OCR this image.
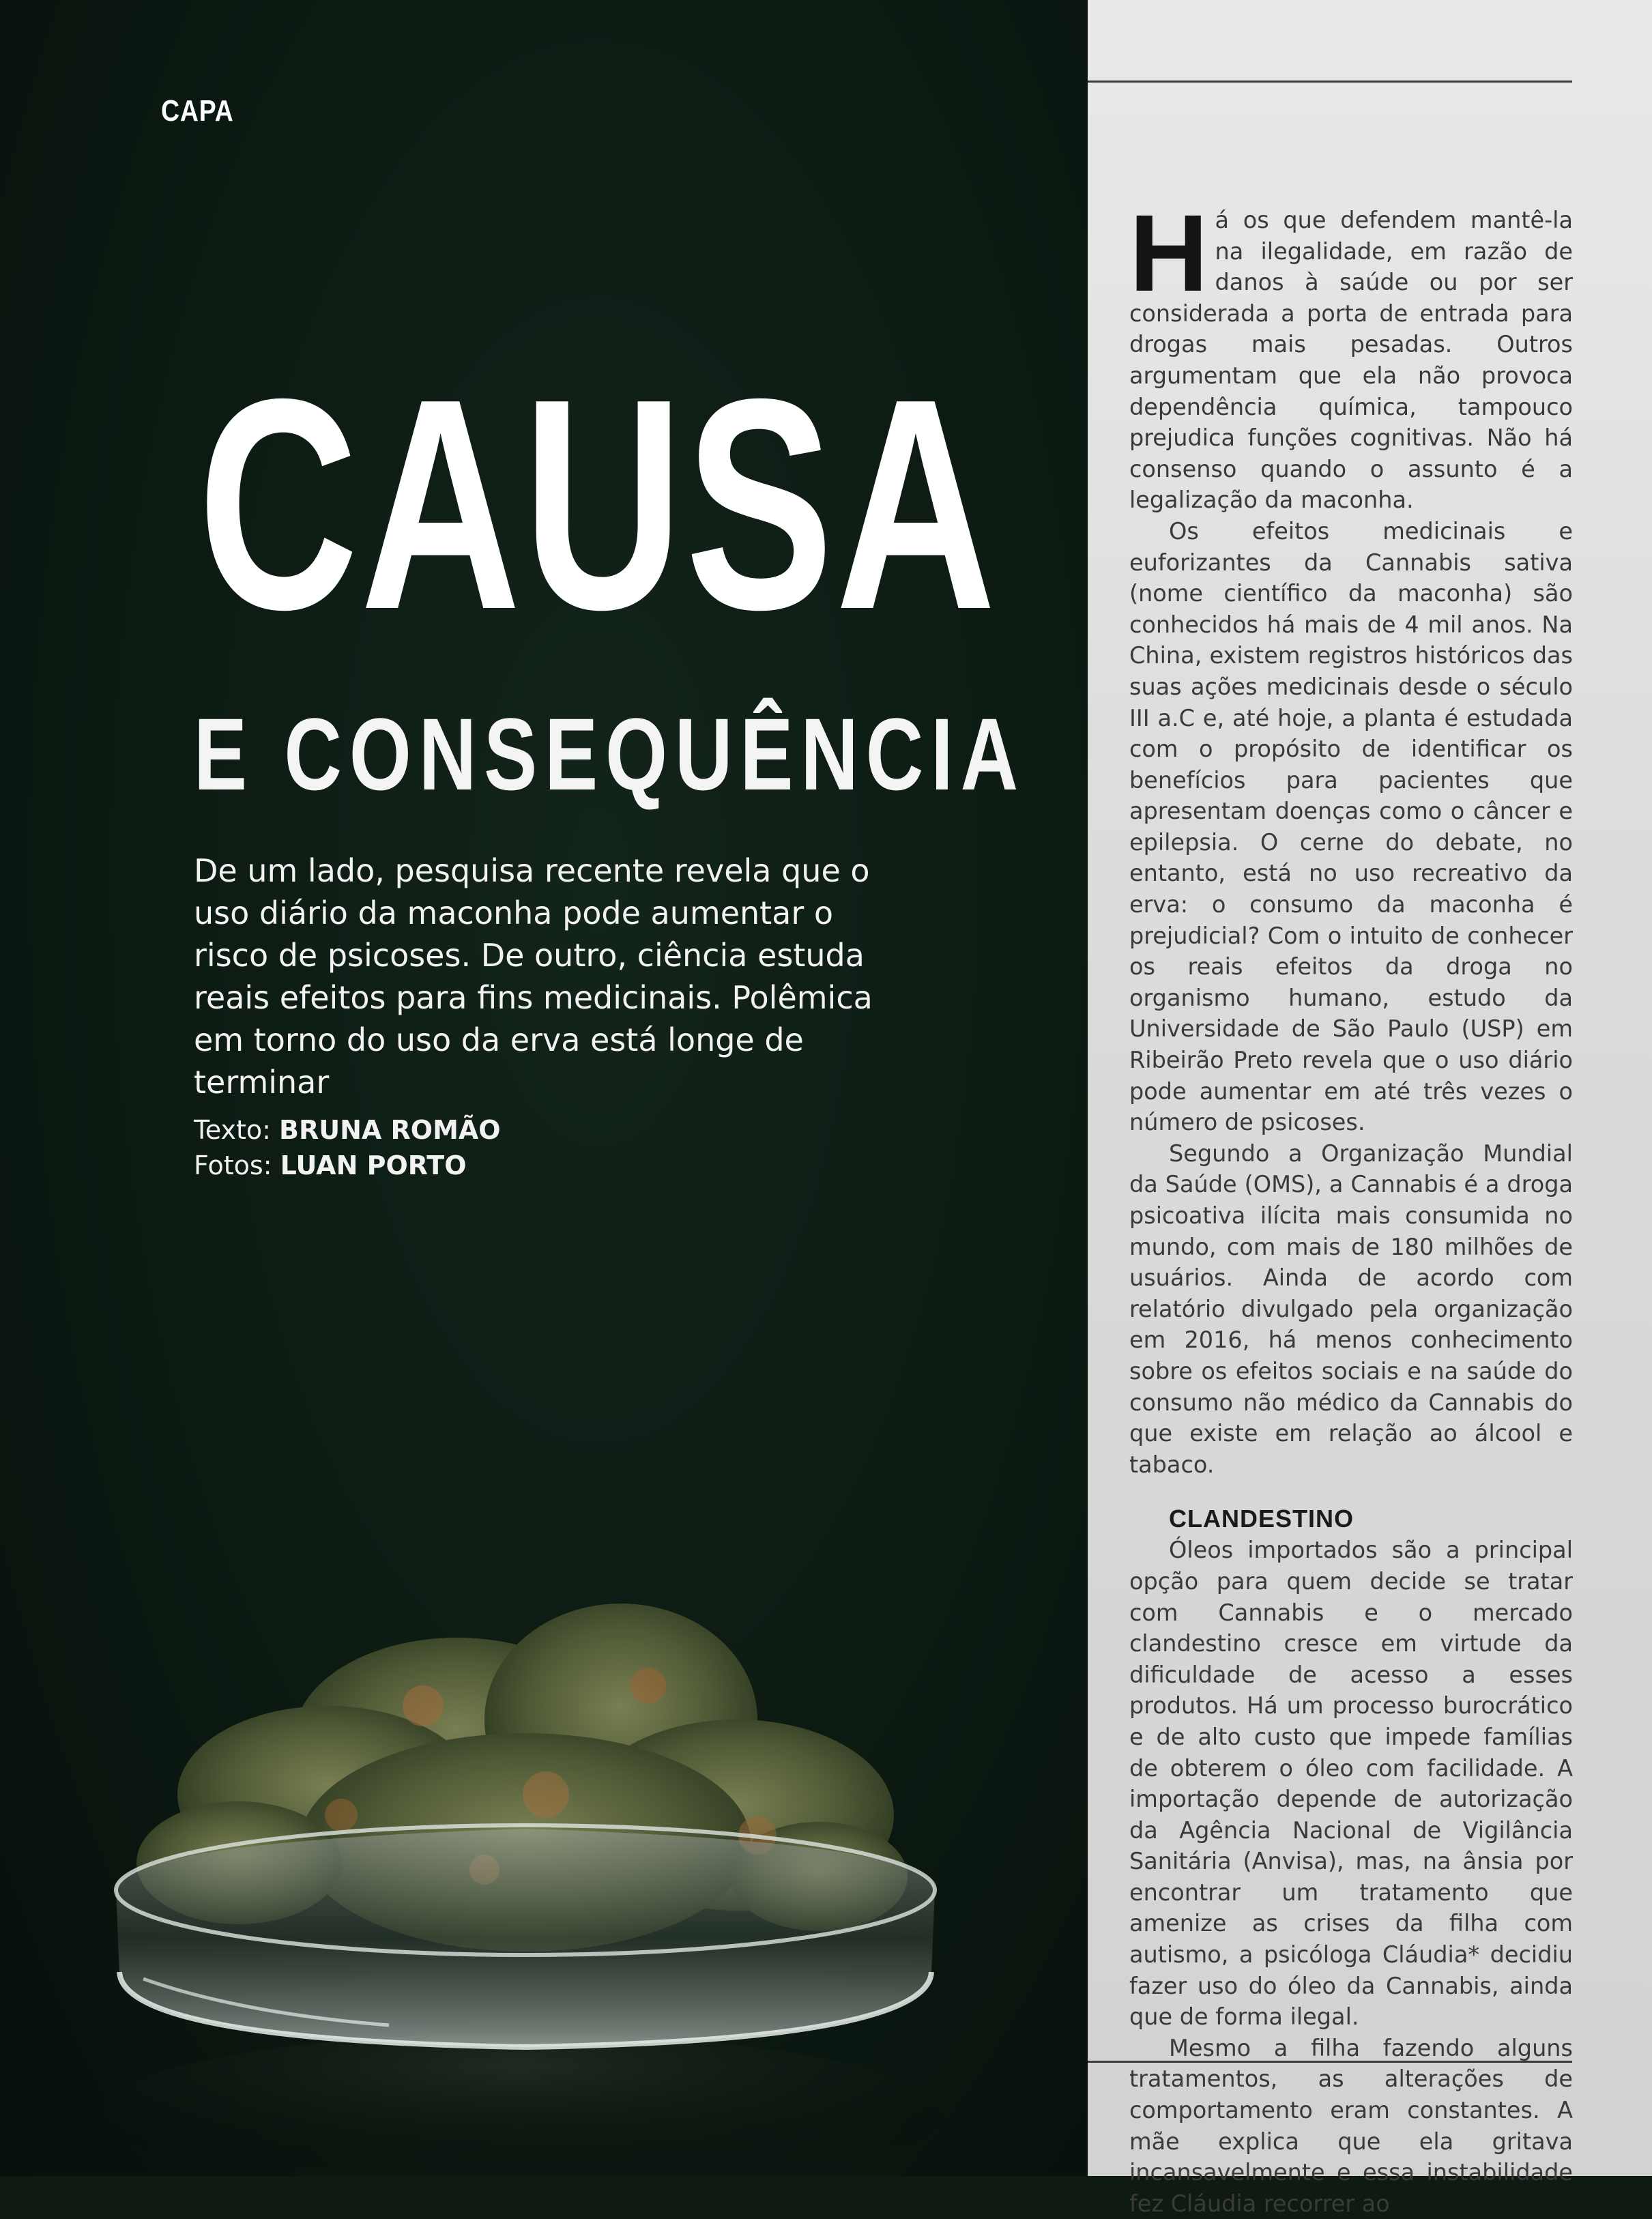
CAPA
CAUSA
E CONSEQUÊNCIA

De um lado, pesquisa recente revela que o uso diário da maconha pode aumentar o risco de psicoses. De outro, ciência estuda reais efeitos para fins medicinais. Polêmica em torno do uso da erva está longe de terminar

Texto: BRUNA ROMÃO
Fotos: LUAN PORTO

Há os que defendem mantê-la na ilegalidade, em razão de danos à saúde ou por ser considerada a porta de entrada para drogas mais pesadas. Outros argumentam que ela não provoca dependência química, tampouco prejudica funções cognitivas. Não há consenso quando o assunto é a legalização da maconha.

Os efeitos medicinais e euforizantes da Cannabis sativa (nome científico da maconha) são conhecidos há mais de 4 mil anos. Na China, existem registros históricos das suas ações medicinais desde o século III a.C e, até hoje, a planta é estudada com o propósito de identificar os benefícios para pacientes que apresentam doenças como o câncer e epilepsia. O cerne do debate, no entanto, está no uso recreativo da erva: o consumo da maconha é prejudicial? Com o intuito de conhecer os reais efeitos da droga no organismo humano, estudo da Universidade de São Paulo (USP) em Ribeirão Preto revela que o uso diário pode aumentar em até três vezes o número de psicoses.

Segundo a Organização Mundial da Saúde (OMS), a Cannabis é a droga psicoativa ilícita mais consumida no mundo, com mais de 180 milhões de usuários. Ainda de acordo com relatório divulgado pela organização em 2016, há menos conhecimento sobre os efeitos sociais e na saúde do consumo não médico da Cannabis do que existe em relação ao álcool e tabaco.

CLANDESTINO

Óleos importados são a principal opção para quem decide se tratar com Cannabis e o mercado clandestino cresce em virtude da dificuldade de acesso a esses produtos. Há um processo burocrático e de alto custo que impede famílias de obterem o óleo com facilidade. A importação depende de autorização da Agência Nacional de Vigilância Sanitária (Anvisa), mas, na ânsia por encontrar um tratamento que amenize as crises da filha com autismo, a psicóloga Cláudia* decidiu fazer uso do óleo da Cannabis, ainda que de forma ilegal.

Mesmo a filha fazendo alguns tratamentos, as alterações de comportamento eram constantes. A mãe explica que ela gritava incansavelmente e essa instabilidade fez Cláudia recorrer ao
